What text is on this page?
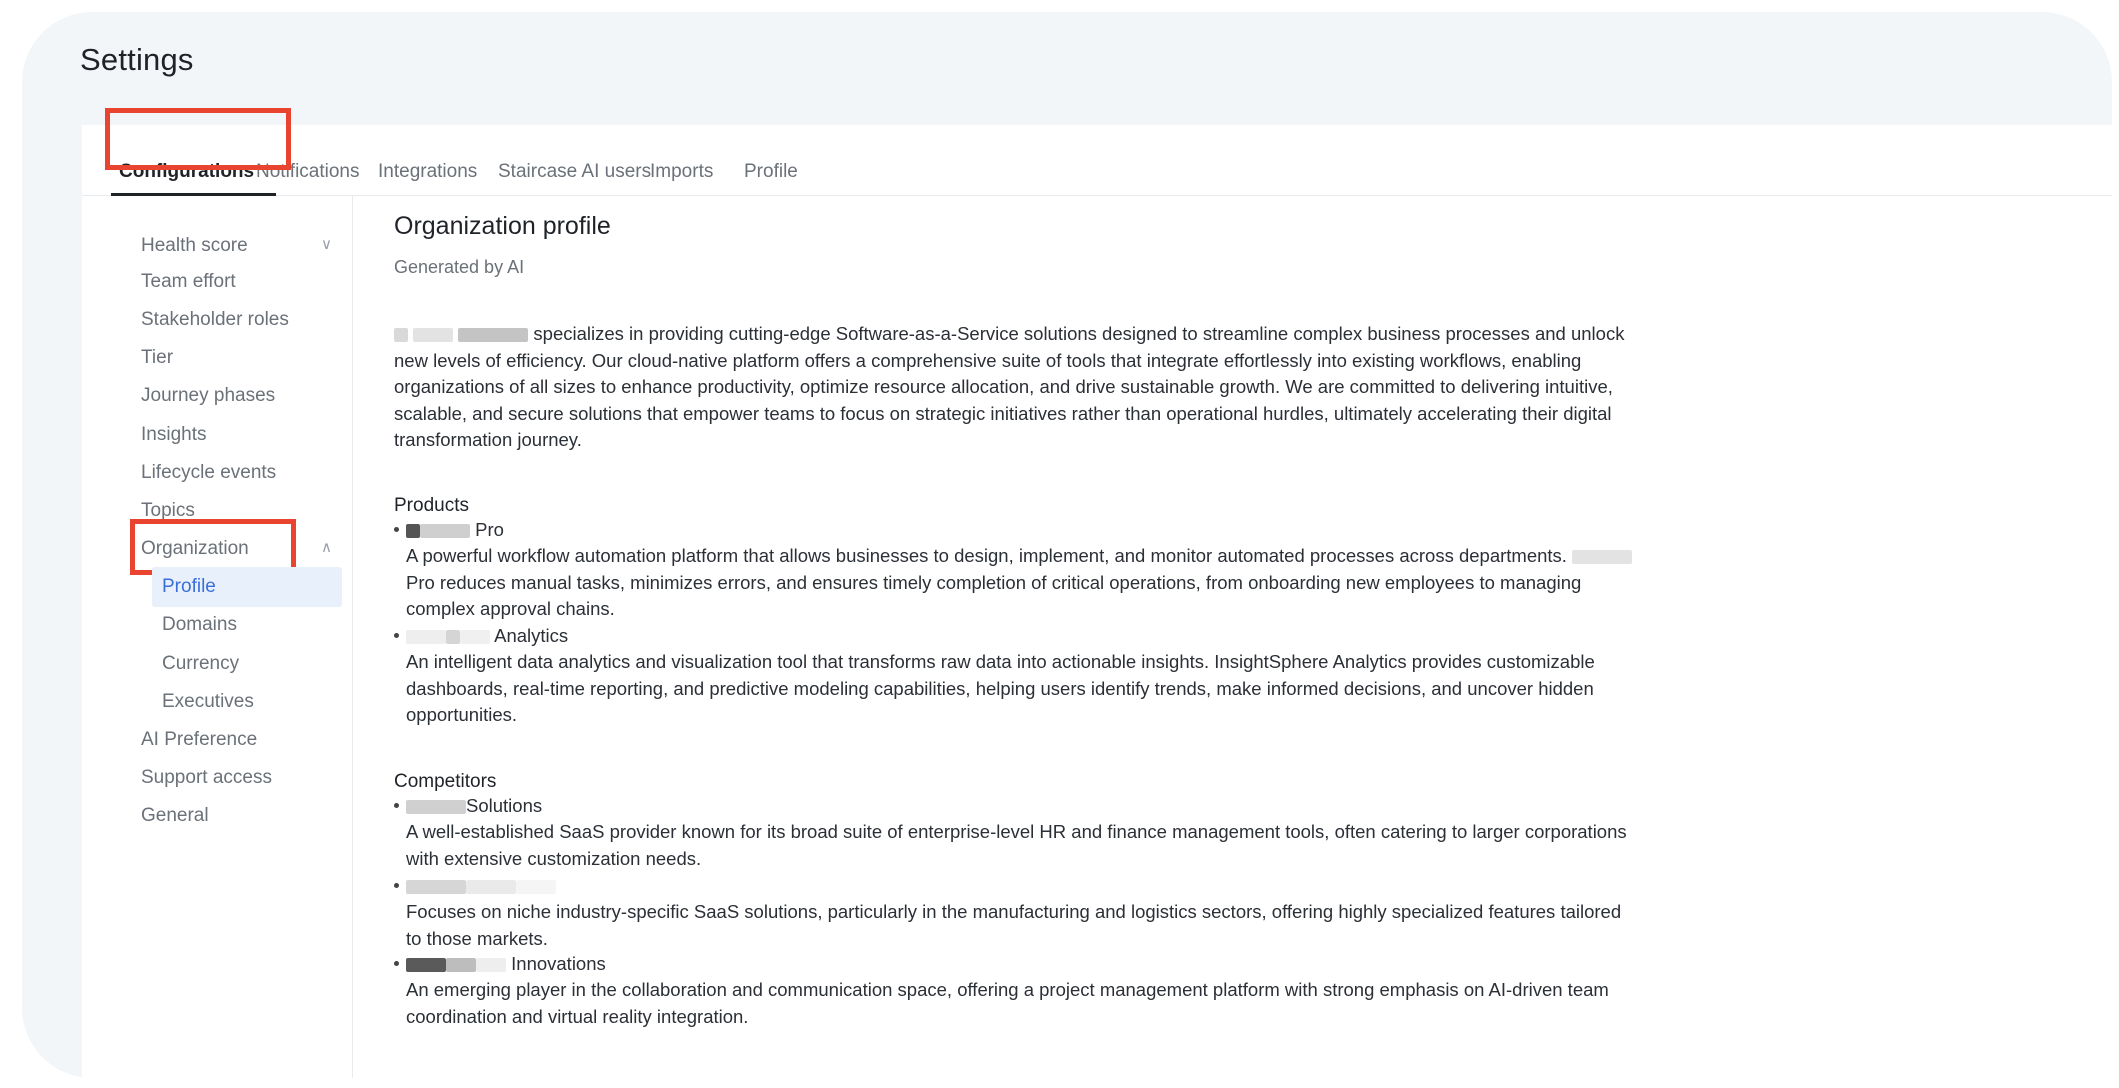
Settings
Configurations Notifications Integrations Staircase AI users
Imports Profile
Health score	∨
Team effort
Stakeholder roles
Tier
Journey phases
Insights
Lifecycle events
Topics
Organization	∧
Profile
Domains
Currency
Executives
AI Preference
Support access
General
Organization profile
Generated by AI
specializes in providing cutting-edge Software-as-a-Service solutions designed to streamline complex business processes and unlock new levels of efficiency. Our cloud-native platform offers a comprehensive suite of tools that integrate effortlessly into existing workflows, enabling organizations of all sizes to enhance productivity, optimize resource allocation, and drive sustainable growth. We are committed to delivering intuitive, scalable, and secure solutions that empower teams to focus on strategic initiatives rather than operational hurdles, ultimately accelerating their digital transformation journey.
Products
Pro
A powerful workflow automation platform that allows businesses to design, implement, and monitor automated processes across departments.  Pro reduces manual tasks, minimizes errors, and ensures timely completion of critical operations, from onboarding new employees to managing complex approval chains.
Analytics
An intelligent data analytics and visualization tool that transforms raw data into actionable insights. InsightSphere Analytics provides customizable dashboards, real-time reporting, and predictive modeling capabilities, helping users identify trends, make informed decisions, and uncover hidden opportunities.
Competitors
Solutions
A well-established SaaS provider known for its broad suite of enterprise-level HR and finance management tools, often catering to larger corporations with extensive customization needs.
Focuses on niche industry-specific SaaS solutions, particularly in the manufacturing and logistics sectors, offering highly specialized features tailored to those markets.
Innovations
An emerging player in the collaboration and communication space, offering a project management platform with strong emphasis on AI-driven team coordination and virtual reality integration.
